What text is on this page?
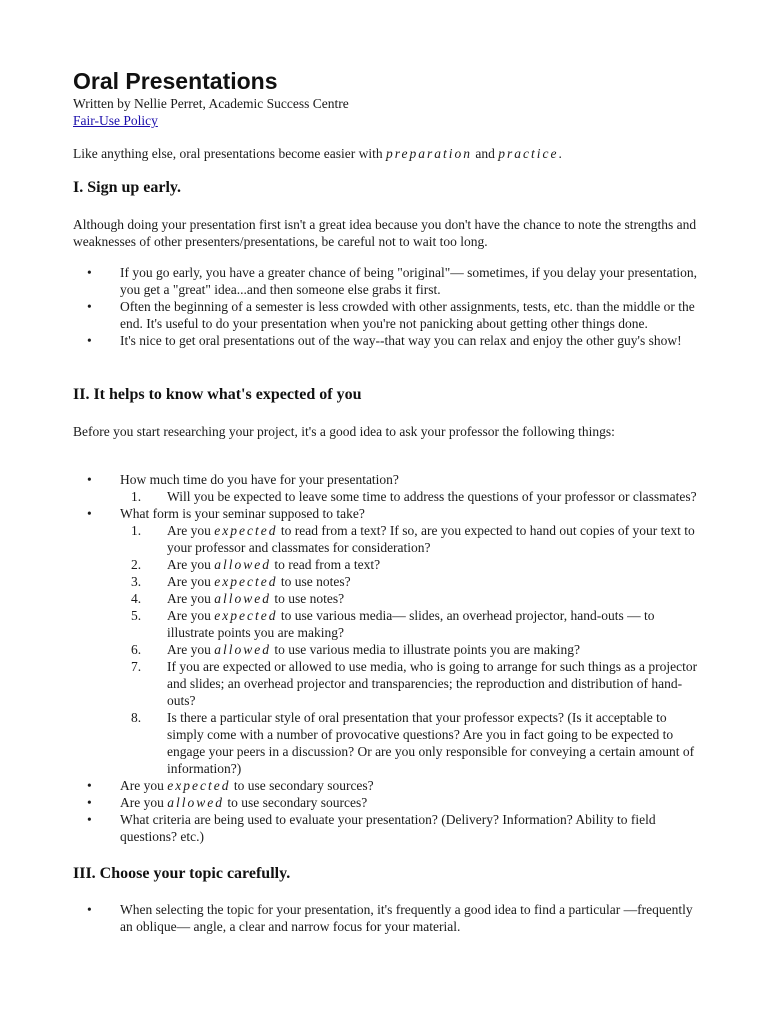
Oral Presentations
Written by Nellie Perret, Academic Success Centre
Fair-Use Policy
Like anything else, oral presentations become easier with preparation and practice.
I. Sign up early.
Although doing your presentation first isn't a great idea because you don't have the chance to note the strengths and weaknesses of other presenters/presentations, be careful not to wait too long.
• If you go early, you have a greater chance of being "original"— sometimes, if you delay your presentation, you get a "great" idea...and then someone else grabs it first.
• Often the beginning of a semester is less crowded with other assignments, tests, etc. than the middle or the end. It's useful to do your presentation when you're not panicking about getting other things done.
• It's nice to get oral presentations out of the way--that way you can relax and enjoy the other guy's show!
II. It helps to know what's expected of you
Before you start researching your project, it's a good idea to ask your professor the following things:
• How much time do you have for your presentation?
1. Will you be expected to leave some time to address the questions of your professor or classmates?
• What form is your seminar supposed to take?
1. Are you expected to read from a text? If so, are you expected to hand out copies of your text to your professor and classmates for consideration?
2. Are you allowed to read from a text?
3. Are you expected to use notes?
4. Are you allowed to use notes?
5. Are you expected to use various media— slides, an overhead projector, hand-outs — to illustrate points you are making?
6. Are you allowed to use various media to illustrate points you are making?
7. If you are expected or allowed to use media, who is going to arrange for such things as a projector and slides; an overhead projector and transparencies; the reproduction and distribution of hand-outs?
8. Is there a particular style of oral presentation that your professor expects? (Is it acceptable to simply come with a number of provocative questions? Are you in fact going to be expected to engage your peers in a discussion? Or are you only responsible for conveying a certain amount of information?)
• Are you expected to use secondary sources?
• Are you allowed to use secondary sources?
• What criteria are being used to evaluate your presentation? (Delivery? Information? Ability to field questions? etc.)
III. Choose your topic carefully.
• When selecting the topic for your presentation, it's frequently a good idea to find a particular —frequently an oblique— angle, a clear and narrow focus for your material.
